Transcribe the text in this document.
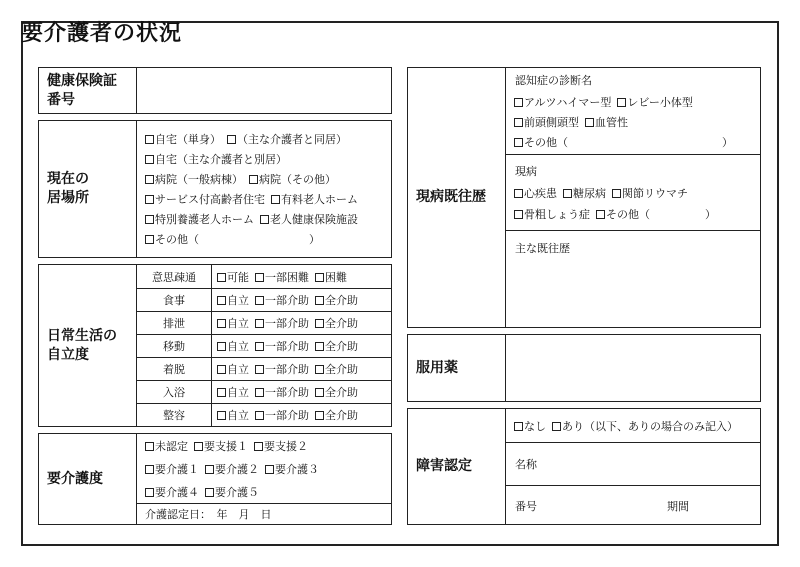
要介護者の状況
健康保険証
番号
現在の
居場所
自宅（単身）	（主な介護者と同居）
自宅（主な介護者と別居）
病院（一般病棟）	病院（その他）
サービス付高齢者住宅	有料老人ホーム
特別養護老人ホーム	老人健康保険施設
その他（　　　　　　　　　　）
日常生活の
自立度
意思疎通	可能	一部困難	困難
食事	自立	一部介助	全介助
排泄	自立	一部介助	全介助
移動	自立	一部介助	全介助
着脱	自立	一部介助	全介助
入浴	自立	一部介助	全介助
整容	自立	一部介助	全介助
要介護度
未認定	要支援１	要支援２
要介護１	要介護２	要介護３
要介護４	要介護５
介護認定日：　年　月　日
現病既往歴
認知症の診断名
アルツハイマー型	レビー小体型
前頭側頭型	血管性
その他（　　　　　　　　　　　　　　）
現病
心疾患	糖尿病	関節リウマチ
骨粗しょう症	その他（　　　　　）
主な既往歴
服用薬
障害認定
なし	あり（以下、ありの場合のみ記入）
名称
番号	期間
